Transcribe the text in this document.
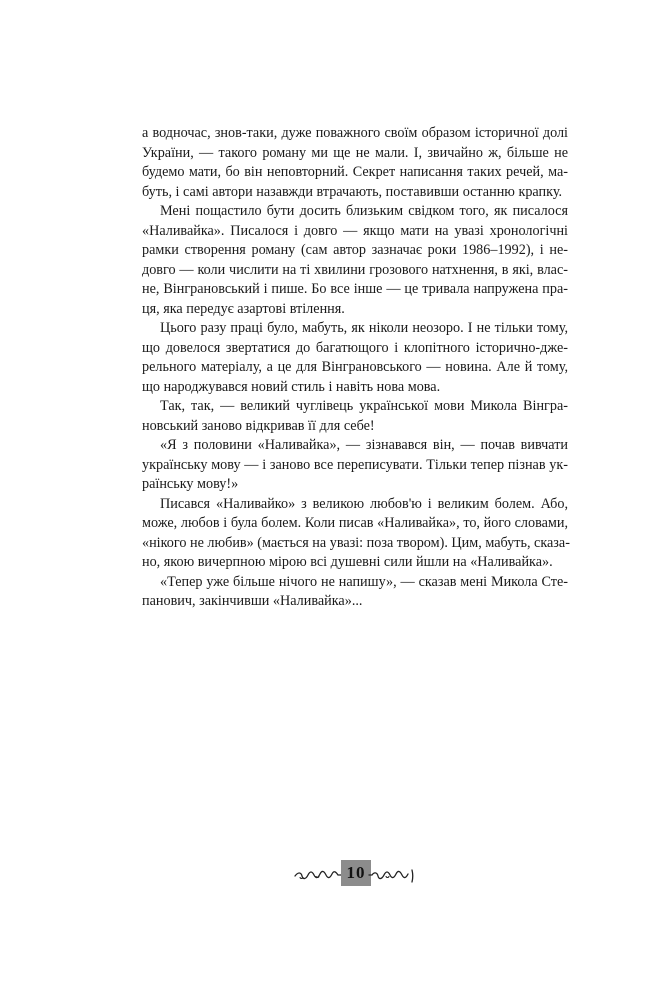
а водночас, знов-таки, дуже поважного своїм образом історичної долі
України, — такого роману ми ще не мали. І, звичайно ж, більше не
будемо мати, бо він неповторний. Секрет написання таких речей, ма-
буть, і самі автори назавжди втрачають, поставивши останню крапку.
Мені пощастило бути досить близьким свідком того, як писалося
«Наливайка». Писалося і довго — якщо мати на увазі хронологічні
рамки створення роману (сам автор зазначає роки 1986–1992), і не-
довго — коли числити на ті хвилини грозового натхнення, в які, влас-
не, Вінграновський і пише. Бо все інше — це тривала напружена пра-
ця, яка передує азартові втілення.
Цього разу праці було, мабуть, як ніколи неозоро. І не тільки тому,
що довелося звертатися до багатющого і клопітного історично-дже-
рельного матеріалу, а це для Вінграновського — новина. Але й тому,
що народжувався новий стиль і навіть нова мова.
Так, так, — великий чуглівець української мови Микола Вінгра-
новський заново відкривав її для себе!
«Я з половини «Наливайка», — зізнавався він, — почав вивчати
українську мову — і заново все переписувати. Тільки тепер пізнав ук-
раїнську мову!»
Писався «Наливайко» з великою любов'ю і великим болем. Або,
може, любов і була болем. Коли писав «Наливайка», то, його словами,
«нікого не любив» (мається на увазі: поза твором). Цим, мабуть, сказа-
но, якою вичерпною мірою всі душевні сили йшли на «Наливайка».
«Тепер уже більше нічого не напишу», — сказав мені Микола Сте-
панович, закінчивши «Наливайка»...
10
